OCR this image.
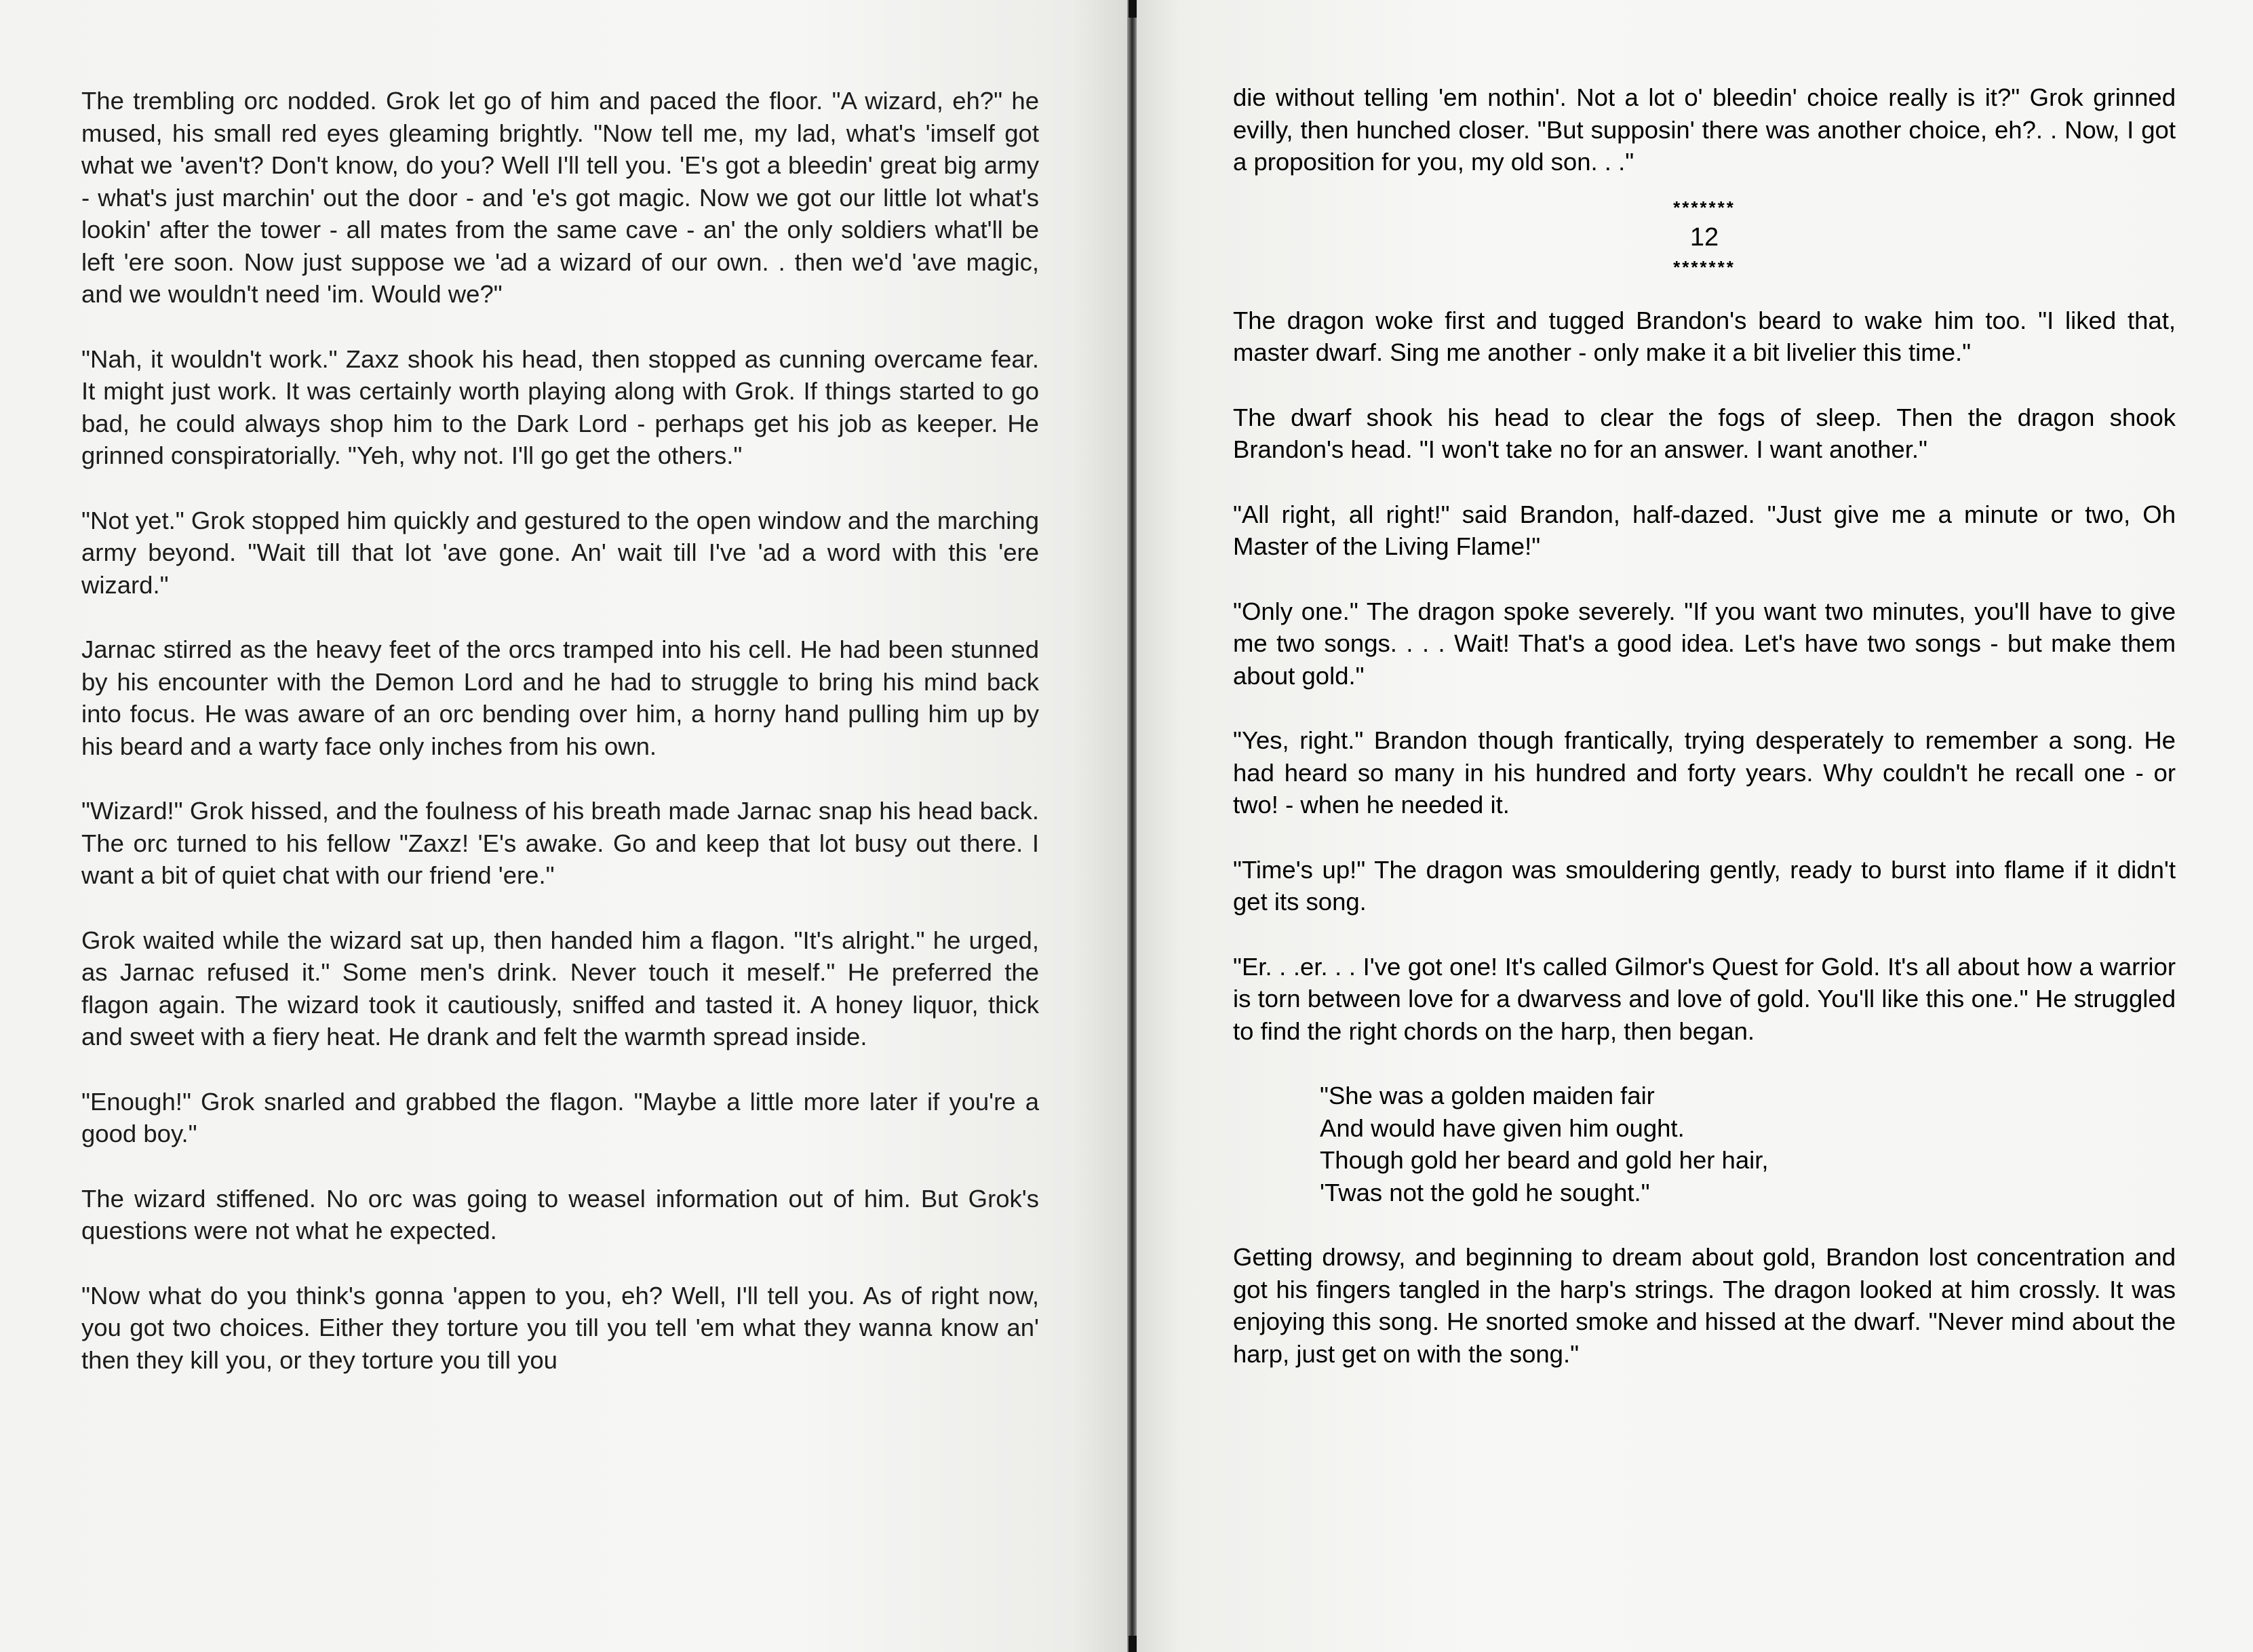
The trembling orc nodded. Grok let go of him and paced the floor. "A wizard, eh?" he mused, his small red eyes gleaming brightly. "Now tell me, my lad, what's 'imself got what we 'aven't? Don't know, do you? Well I'll tell you. 'E's got a bleedin' great big army - what's just marchin' out the door - and 'e's got magic. Now we got our little lot what's lookin' after the tower - all mates from the same cave - an' the only soldiers what'll be left 'ere soon. Now just suppose we 'ad a wizard of our own. . then we'd 'ave magic, and we wouldn't need 'im. Would we?"

"Nah, it wouldn't work." Zaxz shook his head, then stopped as cunning overcame fear. It might just work. It was certainly worth playing along with Grok. If things started to go bad, he could always shop him to the Dark Lord - perhaps get his job as keeper. He grinned conspiratorially. "Yeh, why not. I'll go get the others."

"Not yet." Grok stopped him quickly and gestured to the open window and the marching army beyond. "Wait till that lot 'ave gone. An' wait till I've 'ad a word with this 'ere wizard."

Jarnac stirred as the heavy feet of the orcs tramped into his cell. He had been stunned by his encounter with the Demon Lord and he had to struggle to bring his mind back into focus. He was aware of an orc bending over him, a horny hand pulling him up by his beard and a warty face only inches from his own.

"Wizard!" Grok hissed, and the foulness of his breath made Jarnac snap his head back. The orc turned to his fellow "Zaxz! 'E's awake. Go and keep that lot busy out there. I want a bit of quiet chat with our friend 'ere."

Grok waited while the wizard sat up, then handed him a flagon. "It's alright." he urged, as Jarnac refused it." Some men's drink. Never touch it meself." He preferred the flagon again. The wizard took it cautiously, sniffed and tasted it. A honey liquor, thick and sweet with a fiery heat. He drank and felt the warmth spread inside.

"Enough!" Grok snarled and grabbed the flagon. "Maybe a little more later if you're a good boy."

The wizard stiffened. No orc was going to weasel information out of him. But Grok's questions were not what he expected.

"Now what do you think's gonna 'appen to you, eh? Well, I'll tell you. As of right now, you got two choices. Either they torture you till you tell 'em what they wanna know an' then they kill you, or they torture you till you

die without telling 'em nothin'. Not a lot o' bleedin' choice really is it?" Grok grinned evilly, then hunched closer. "But supposin' there was another choice, eh?. . Now, I got a proposition for you, my old son. . ."

*******
12
*******

The dragon woke first and tugged Brandon's beard to wake him too. "I liked that, master dwarf. Sing me another - only make it a bit livelier this time."

The dwarf shook his head to clear the fogs of sleep. Then the dragon shook Brandon's head. "I won't take no for an answer. I want another."

"All right, all right!" said Brandon, half-dazed. "Just give me a minute or two, Oh Master of the Living Flame!"

"Only one." The dragon spoke severely. "If you want two minutes, you'll have to give me two songs. . . . Wait! That's a good idea. Let's have two songs - but make them about gold."

"Yes, right." Brandon though frantically, trying desperately to remember a song. He had heard so many in his hundred and forty years. Why couldn't he recall one - or two! - when he needed it.

"Time's up!" The dragon was smouldering gently, ready to burst into flame if it didn't get its song.

"Er. . .er. . . I've got one! It's called Gilmor's Quest for Gold. It's all about how a warrior is torn between love for a dwarvess and love of gold. You'll like this one." He struggled to find the right chords on the harp, then began.

"She was a golden maiden fair
And would have given him ought.
Though gold her beard and gold her hair,
'Twas not the gold he sought."

Getting drowsy, and beginning to dream about gold, Brandon lost concentration and got his fingers tangled in the harp's strings. The dragon looked at him crossly. It was enjoying this song. He snorted smoke and hissed at the dwarf. "Never mind about the harp, just get on with the song."
